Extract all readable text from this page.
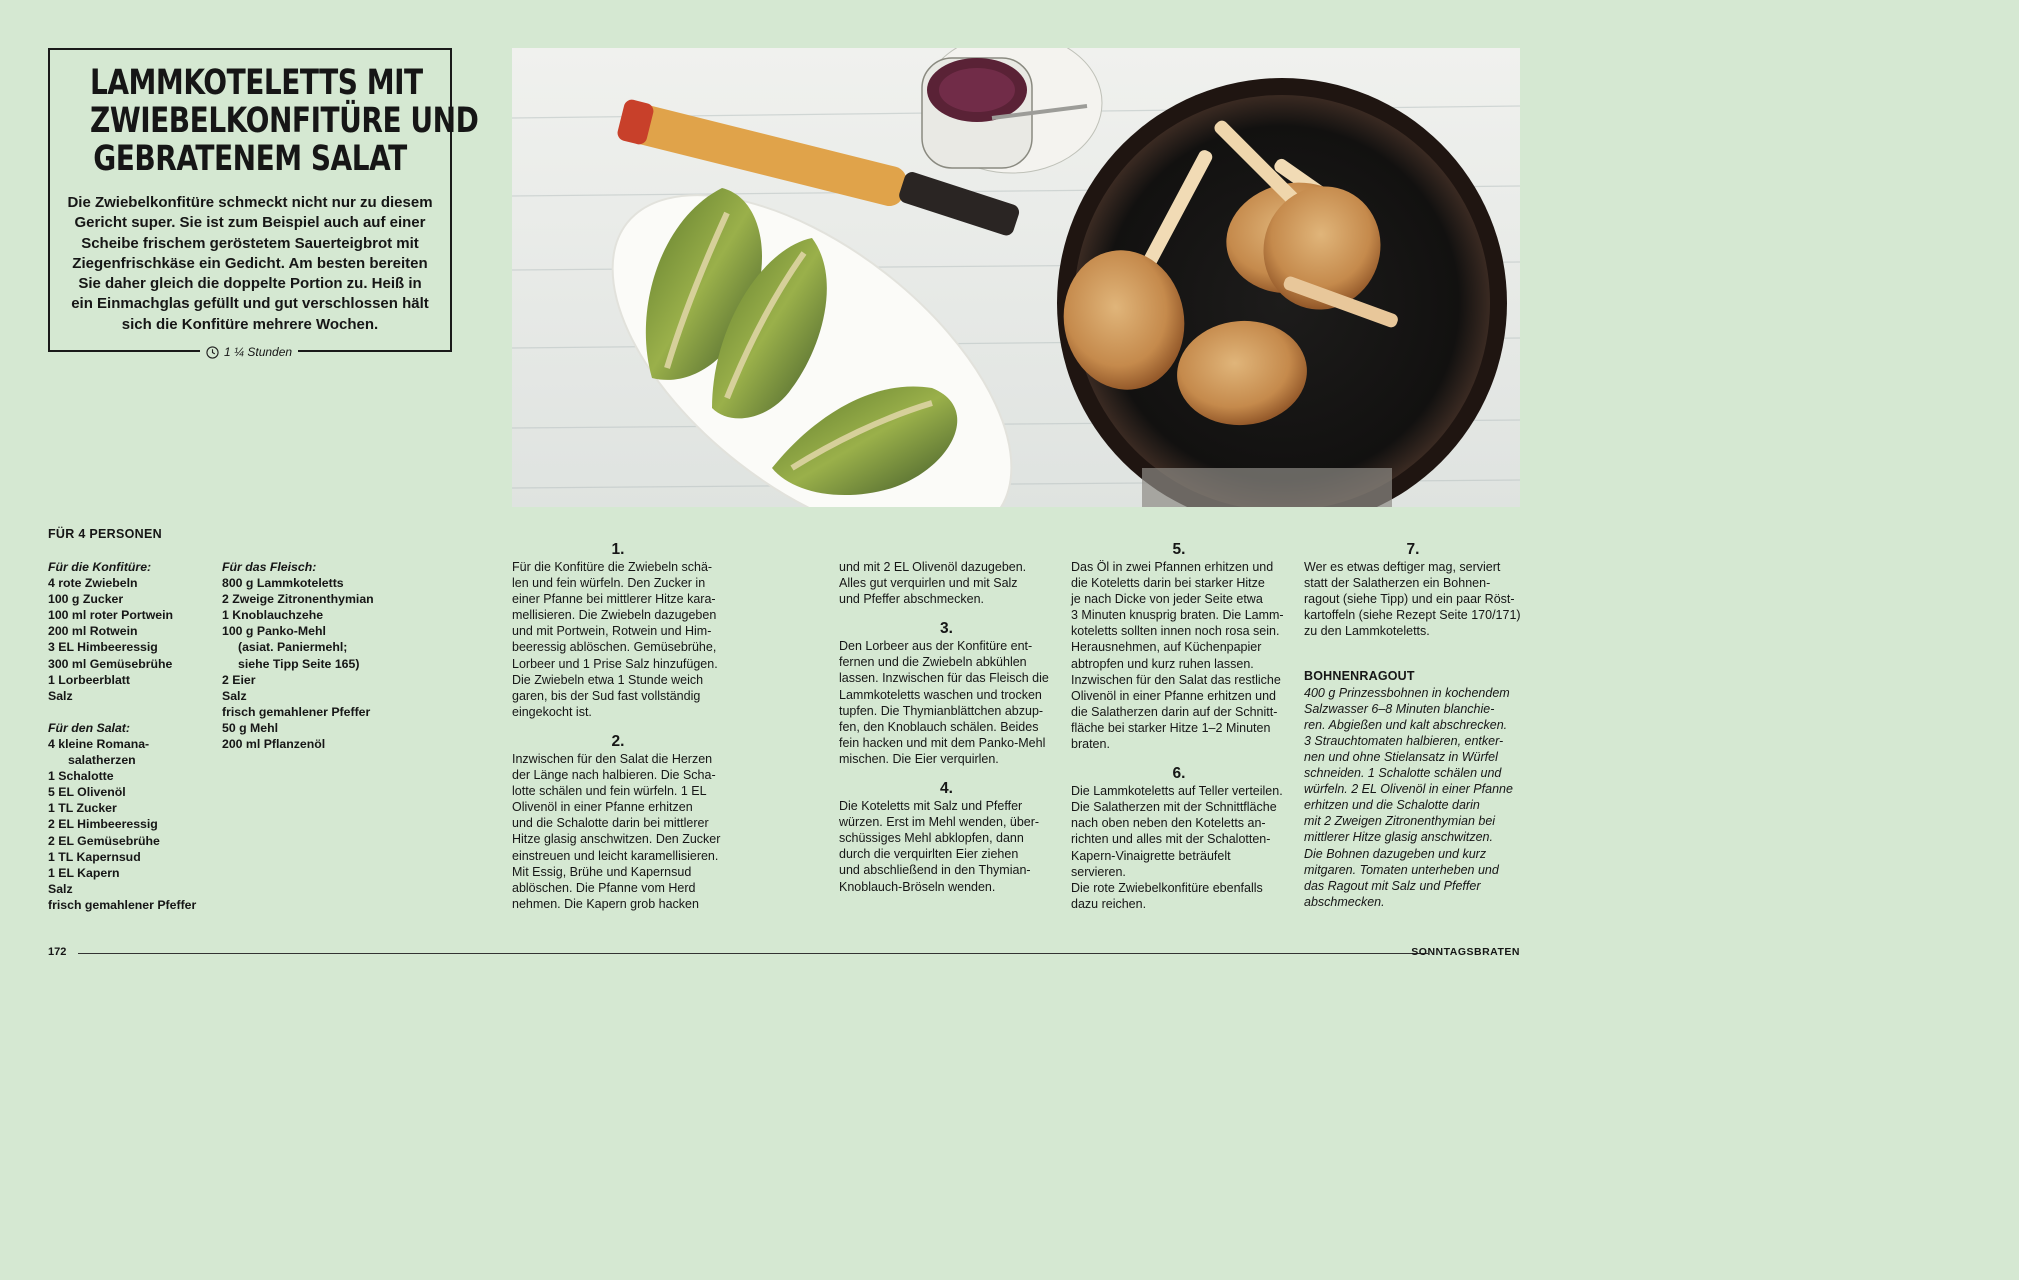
LAMMKOTELETTS MIT
ZWIEBELKONFITÜRE UND
GEBRATENEM SALAT
Die Zwiebelkonfitüre schmeckt nicht nur zu diesem
Gericht super. Sie ist zum Beispiel auch auf einer
Scheibe frischem geröstetem Sauerteigbrot mit
Ziegenfrischkäse ein Gedicht. Am besten bereiten
Sie daher gleich die doppelte Portion zu. Heiß in
ein Einmachglas gefüllt und gut verschlossen hält
sich die Konfitüre mehrere Wochen.
1 ¼ Stunden
FÜR 4 PERSONEN

Für die Konfitüre:

4 rote Zwiebeln

100 g Zucker

100 ml roter Portwein

200 ml Rotwein

3 EL Himbeeressig

300 ml Gemüsebrühe

1 Lorbeerblatt

Salz

Für den Salat:

4 kleine Romana-

salatherzen

1 Schalotte

5 EL Olivenöl

1 TL Zucker

2 EL Himbeeressig

2 EL Gemüsebrühe

1 TL Kapernsud

1 EL Kapern

Salz

frisch gemahlener Pfeffer

Für das Fleisch:

800 g Lammkoteletts

2 Zweige Zitronenthymian

1 Knoblauchzehe

100 g Panko-Mehl

(asiat. Paniermehl;

siehe Tipp Seite 165)

2 Eier

Salz

frisch gemahlener Pfeffer

50 g Mehl

200 ml Pflanzenöl

1.

Für die Konfitüre die Zwiebeln schä-

len und fein würfeln. Den Zucker in

einer Pfanne bei mittlerer Hitze kara-

mellisieren. Die Zwiebeln dazugeben

und mit Portwein, Rotwein und Him-

beeressig ablöschen. Gemüsebrühe,

Lorbeer und 1 Prise Salz hinzufügen.

Die Zwiebeln etwa 1 Stunde weich

garen, bis der Sud fast vollständig

eingekocht ist.

2.

Inzwischen für den Salat die Herzen

der Länge nach halbieren. Die Scha-

lotte schälen und fein würfeln. 1 EL

Olivenöl in einer Pfanne erhitzen

und die Schalotte darin bei mittlerer

Hitze glasig anschwitzen. Den Zucker

einstreuen und leicht karamellisieren.

Mit Essig, Brühe und Kapernsud

ablöschen. Die Pfanne vom Herd

nehmen. Die Kapern grob hacken

und mit 2 EL Olivenöl dazugeben.

Alles gut verquirlen und mit Salz

und Pfeffer abschmecken.

3.

Den Lorbeer aus der Konfitüre ent-

fernen und die Zwiebeln abkühlen

lassen. Inzwischen für das Fleisch die

Lammkoteletts waschen und trocken

tupfen. Die Thymianblättchen abzup-

fen, den Knoblauch schälen. Beides

fein hacken und mit dem Panko-Mehl

mischen. Die Eier verquirlen.

4.

Die Koteletts mit Salz und Pfeffer

würzen. Erst im Mehl wenden, über-

schüssiges Mehl abklopfen, dann

durch die verquirlten Eier ziehen

und abschließend in den Thymian-

Knoblauch-Bröseln wenden.

5.

Das Öl in zwei Pfannen erhitzen und

die Koteletts darin bei starker Hitze

je nach Dicke von jeder Seite etwa

3 Minuten knusprig braten. Die Lamm-

koteletts sollten innen noch rosa sein.

Herausnehmen, auf Küchenpapier

abtropfen und kurz ruhen lassen.

Inzwischen für den Salat das restliche

Olivenöl in einer Pfanne erhitzen und

die Salatherzen darin auf der Schnitt-

fläche bei starker Hitze 1–2 Minuten

braten.

6.

Die Lammkoteletts auf Teller verteilen.

Die Salatherzen mit der Schnittfläche

nach oben neben den Koteletts an-

richten und alles mit der Schalotten-

Kapern-Vinaigrette beträufelt servieren.

Die rote Zwiebelkonfitüre ebenfalls

dazu reichen.

7.

Wer es etwas deftiger mag, serviert

statt der Salatherzen ein Bohnen-

ragout (siehe Tipp) und ein paar Röst-

kartoffeln (siehe Rezept Seite 170/171)

zu den Lammkoteletts.

BOHNENRAGOUT

400 g Prinzessbohnen in kochendem

Salzwasser 6–8 Minuten blanchie-

ren. Abgießen und kalt abschrecken.

3 Strauchtomaten halbieren, entker-

nen und ohne Stielansatz in Würfel

schneiden. 1 Schalotte schälen und

würfeln. 2 EL Olivenöl in einer Pfanne

erhitzen und die Schalotte darin

mit 2 Zweigen Zitronenthymian bei

mittlerer Hitze glasig anschwitzen.

Die Bohnen dazugeben und kurz

mitgaren. Tomaten unterheben und

das Ragout mit Salz und Pfeffer

abschmecken.

172	SONNTAGSBRATEN
